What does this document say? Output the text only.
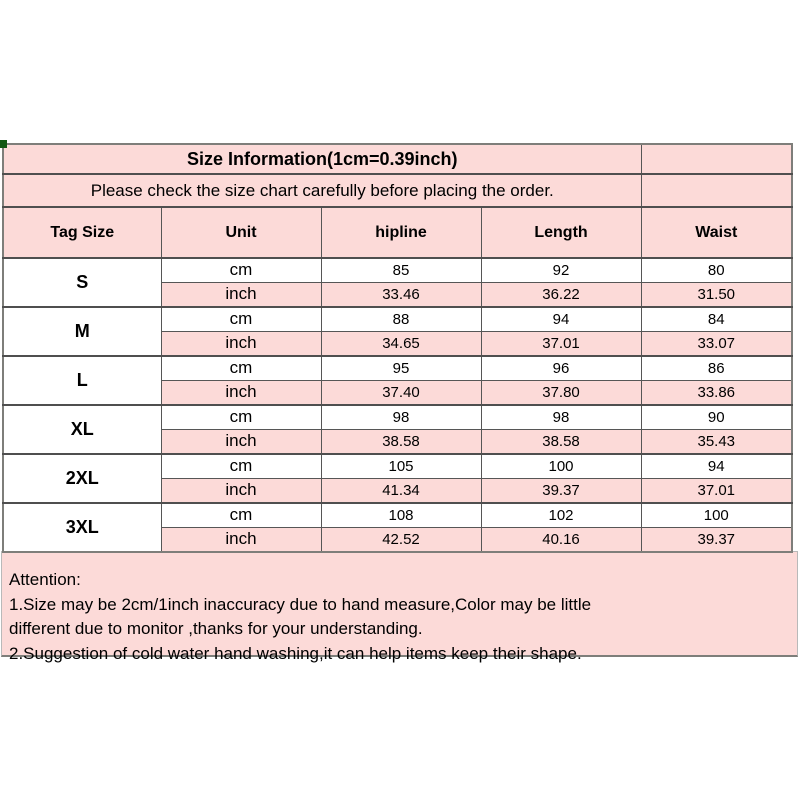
Size Information(1cm=0.39inch)				
Please check the size chart carefully before placing the order.				
Tag Size	Unit	hipline	Length	Waist
S	cm	85	92	80
	inch	33.46	36.22	31.50
M	cm	88	94	84
	inch	34.65	37.01	33.07
L	cm	95	96	86
	inch	37.40	37.80	33.86
XL	cm	98	98	90
	inch	38.58	38.58	35.43
2XL	cm	105	100	94
	inch	41.34	39.37	37.01
3XL	cm	108	102	100
	inch	42.52	40.16	39.37
Attention:
1.Size may be 2cm/1inch inaccuracy due to hand measure,Color may be little
different due to monitor ,thanks for your understanding.
2.Suggestion of cold water hand washing,it can help items keep their shape.
